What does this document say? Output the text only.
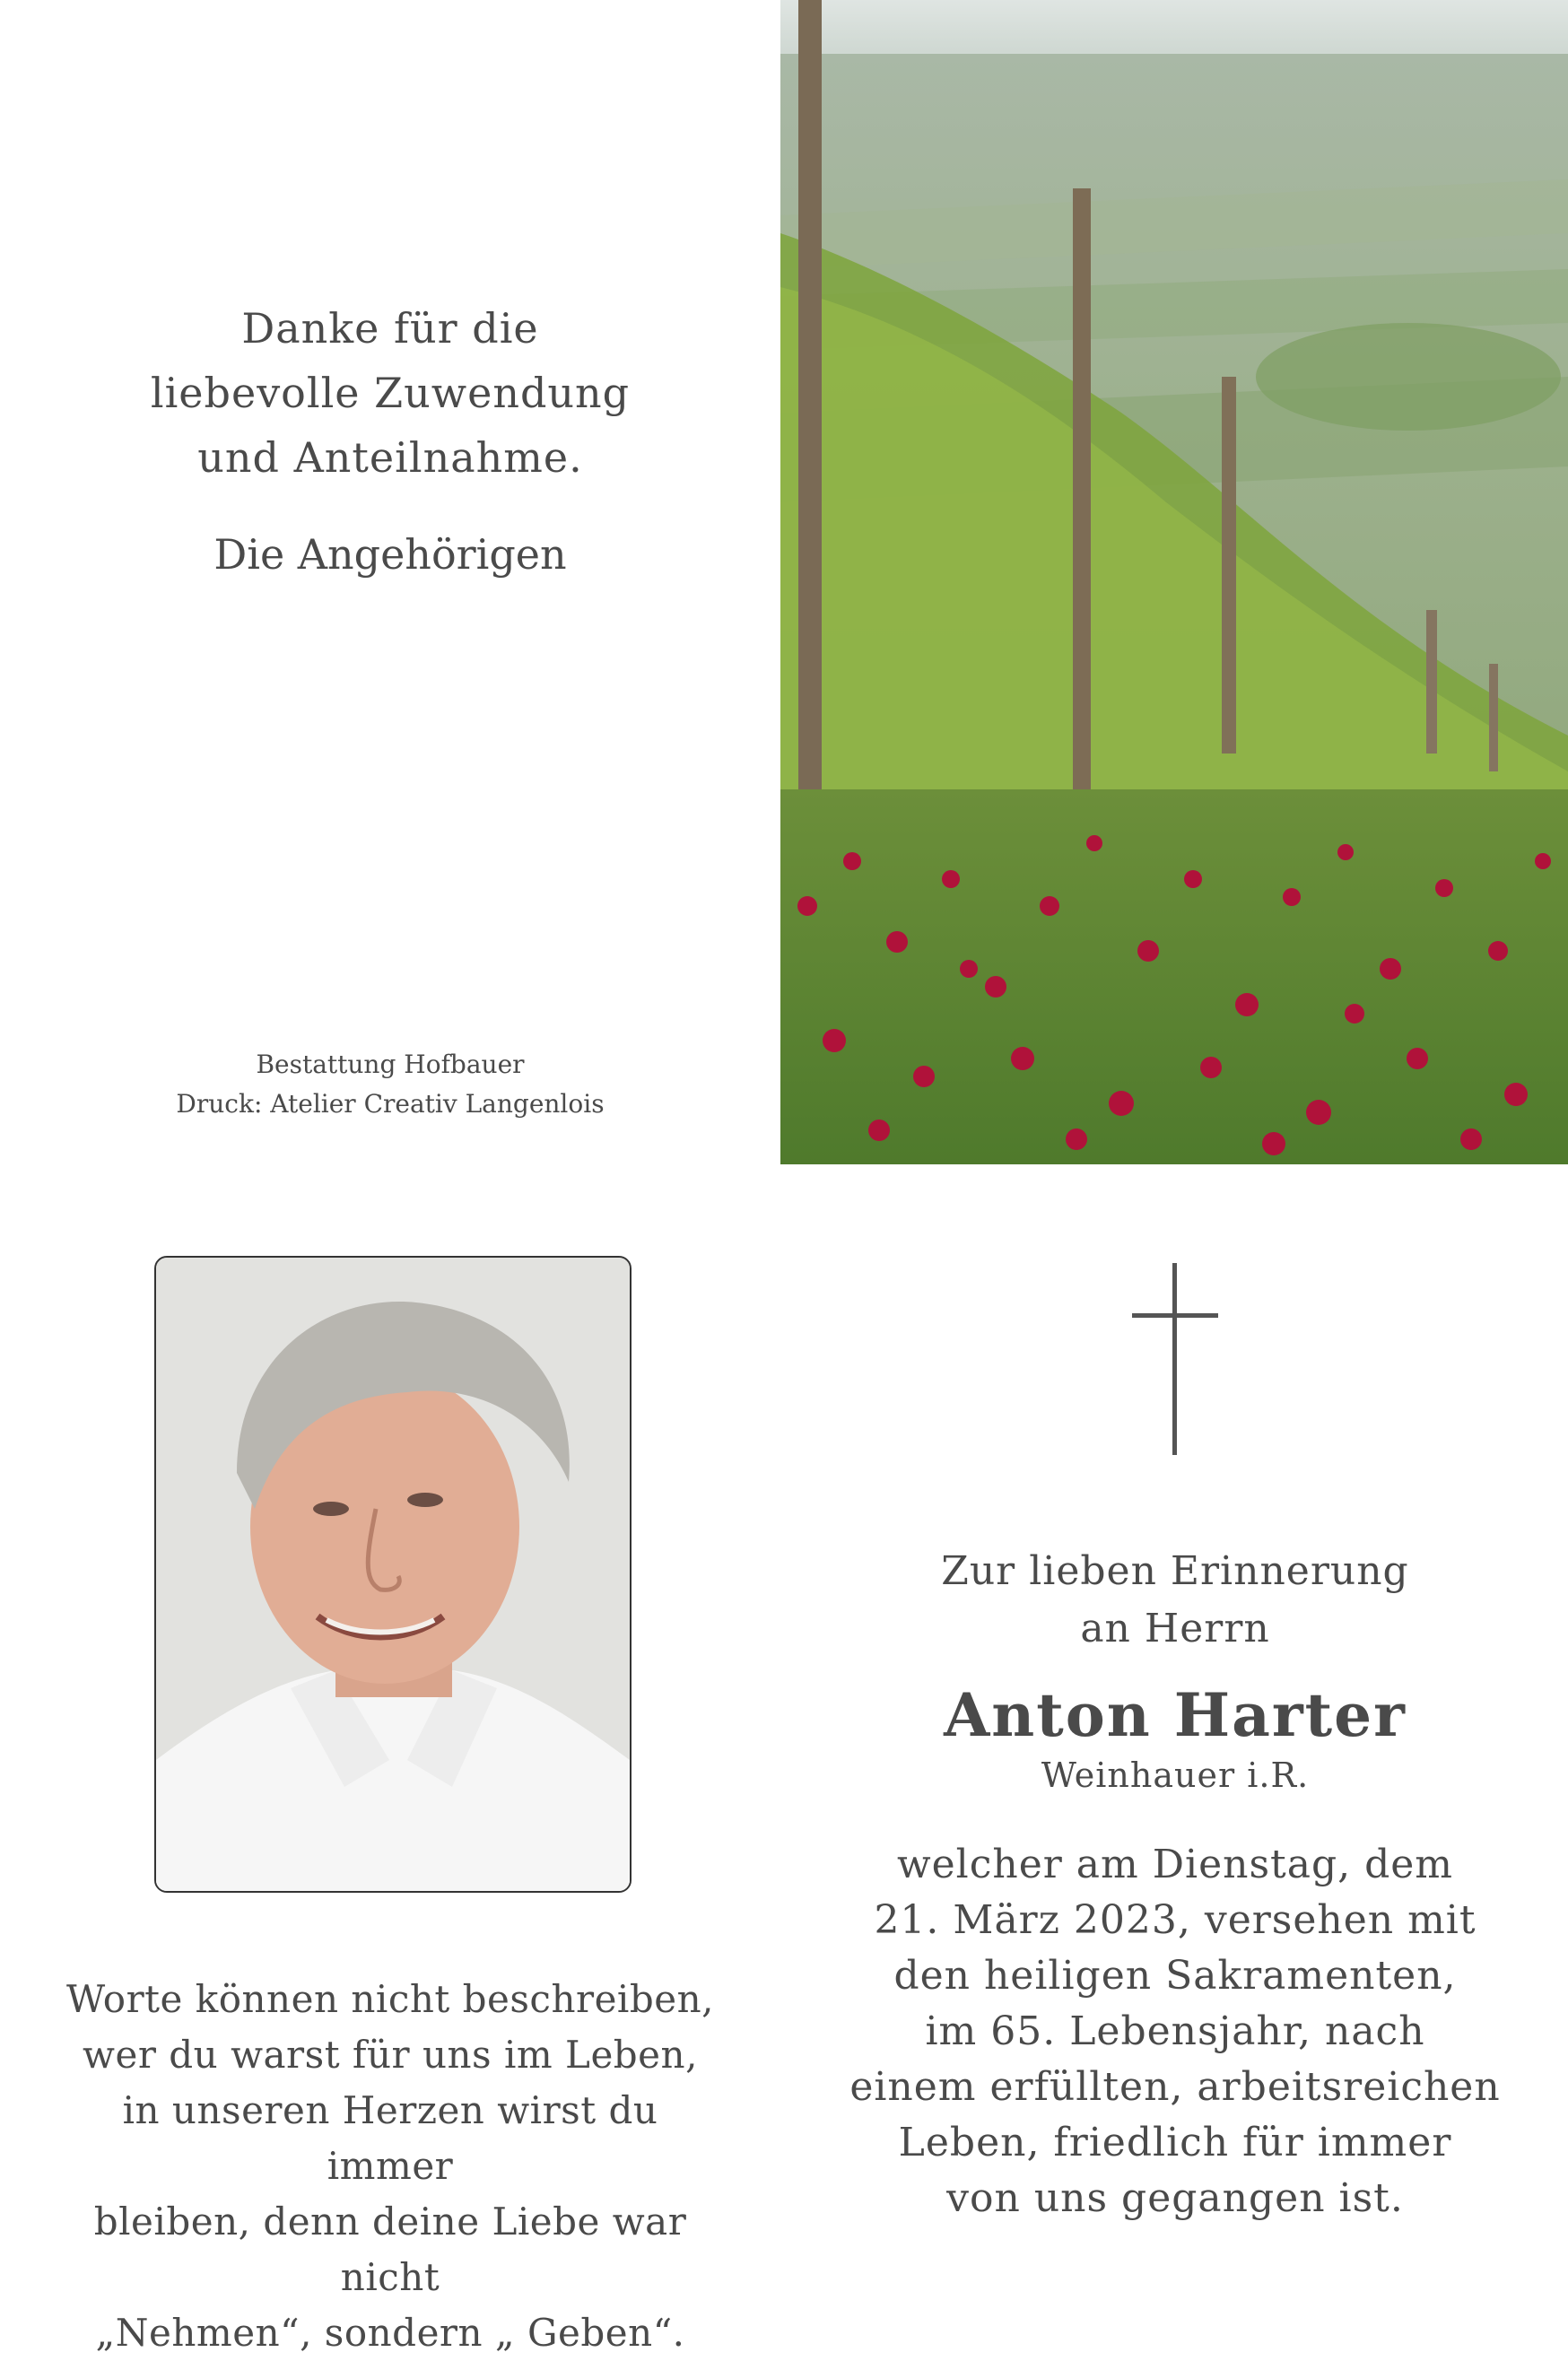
Danke für die
liebevolle Zuwendung
und Anteilnahme.
Die Angehörigen
Bestattung Hofbauer
Druck: Atelier Creativ Langenlois
Worte können nicht beschreiben,
wer du warst für uns im Leben,
in unseren Herzen wirst du immer
bleiben, denn deine Liebe war nicht
„Nehmen“, sondern „ Geben“.
Zur lieben Erinnerung
an Herrn
Anton Harter
Weinhauer i.R.
welcher am Dienstag, dem
21. März 2023, versehen mit
den heiligen Sakramenten,
im 65. Lebensjahr, nach
einem erfüllten, arbeitsreichen
Leben, friedlich für immer
von uns gegangen ist.
